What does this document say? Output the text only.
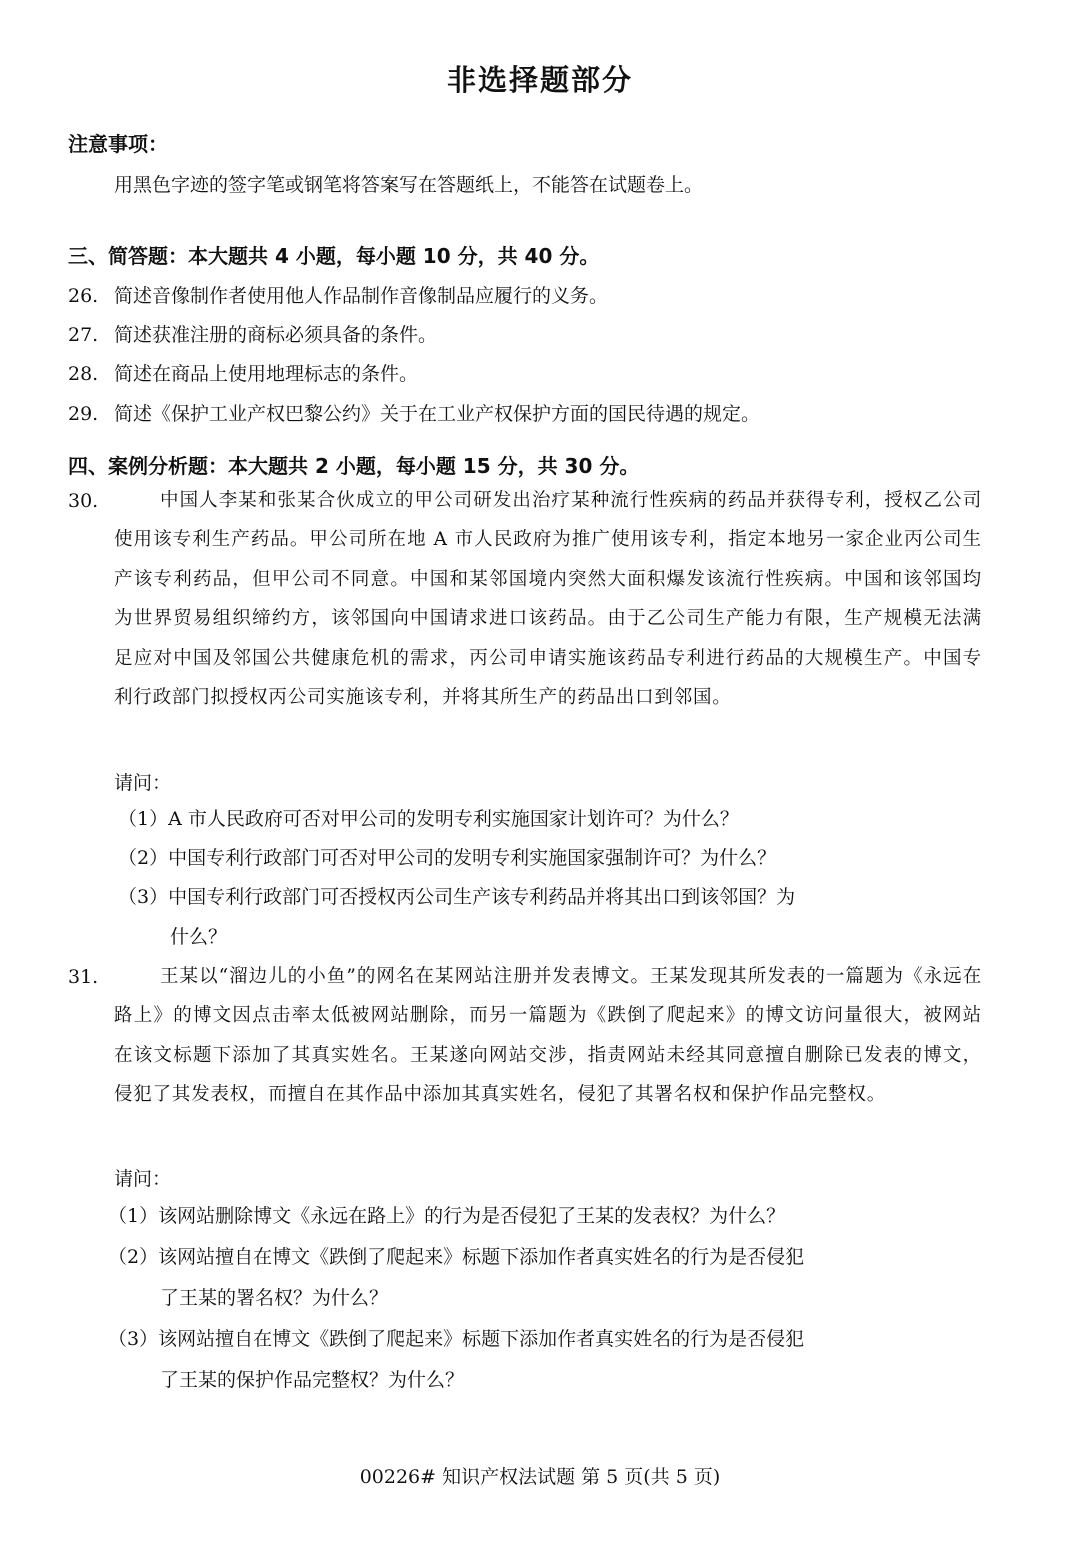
非选择题部分
注意事项：
用黑色字迹的签字笔或钢笔将答案写在答题纸上，不能答在试题卷上。
三、简答题：本大题共 4 小题，每小题 10 分，共 40 分。
26. 简述音像制作者使用他人作品制作音像制品应履行的义务。
27. 简述获准注册的商标必须具备的条件。
28. 简述在商品上使用地理标志的条件。
29. 简述《保护工业产权巴黎公约》关于在工业产权保护方面的国民待遇的规定。
四、案例分析题：本大题共 2 小题，每小题 15 分，共 30 分。
30.	中国人李某和张某合伙成立的甲公司研发出治疗某种流行性疾病的药品并获得专利，授权乙公司使用该专利生产药品。甲公司所在地 A 市人民政府为推广使用该专利，指定本地另一家企业丙公司生产该专利药品，但甲公司不同意。中国和某邻国境内突然大面积爆发该流行性疾病。中国和该邻国均为世界贸易组织缔约方，该邻国向中国请求进口该药品。由于乙公司生产能力有限，生产规模无法满足应对中国及邻国公共健康危机的需求，丙公司申请实施该药品专利进行药品的大规模生产。中国专利行政部门拟授权丙公司实施该专利，并将其所生产的药品出口到邻国。
请问：
（1）A 市人民政府可否对甲公司的发明专利实施国家计划许可？为什么？
（2）中国专利行政部门可否对甲公司的发明专利实施国家强制许可？为什么？
（3）中国专利行政部门可否授权丙公司生产该专利药品并将其出口到该邻国？为
什么？
31.	王某以“溜边儿的小鱼”的网名在某网站注册并发表博文。王某发现其所发表的一篇题为《永远在路上》的博文因点击率太低被网站删除，而另一篇题为《跌倒了爬起来》的博文访问量很大，被网站在该文标题下添加了其真实姓名。王某遂向网站交涉，指责网站未经其同意擅自删除已发表的博文，侵犯了其发表权，而擅自在其作品中添加其真实姓名，侵犯了其署名权和保护作品完整权。
请问：
（1）该网站删除博文《永远在路上》的行为是否侵犯了王某的发表权？为什么？
（2）该网站擅自在博文《跌倒了爬起来》标题下添加作者真实姓名的行为是否侵犯
了王某的署名权？为什么？
（3）该网站擅自在博文《跌倒了爬起来》标题下添加作者真实姓名的行为是否侵犯
了王某的保护作品完整权？为什么？
00226# 知识产权法试题 第 5 页(共 5 页)
